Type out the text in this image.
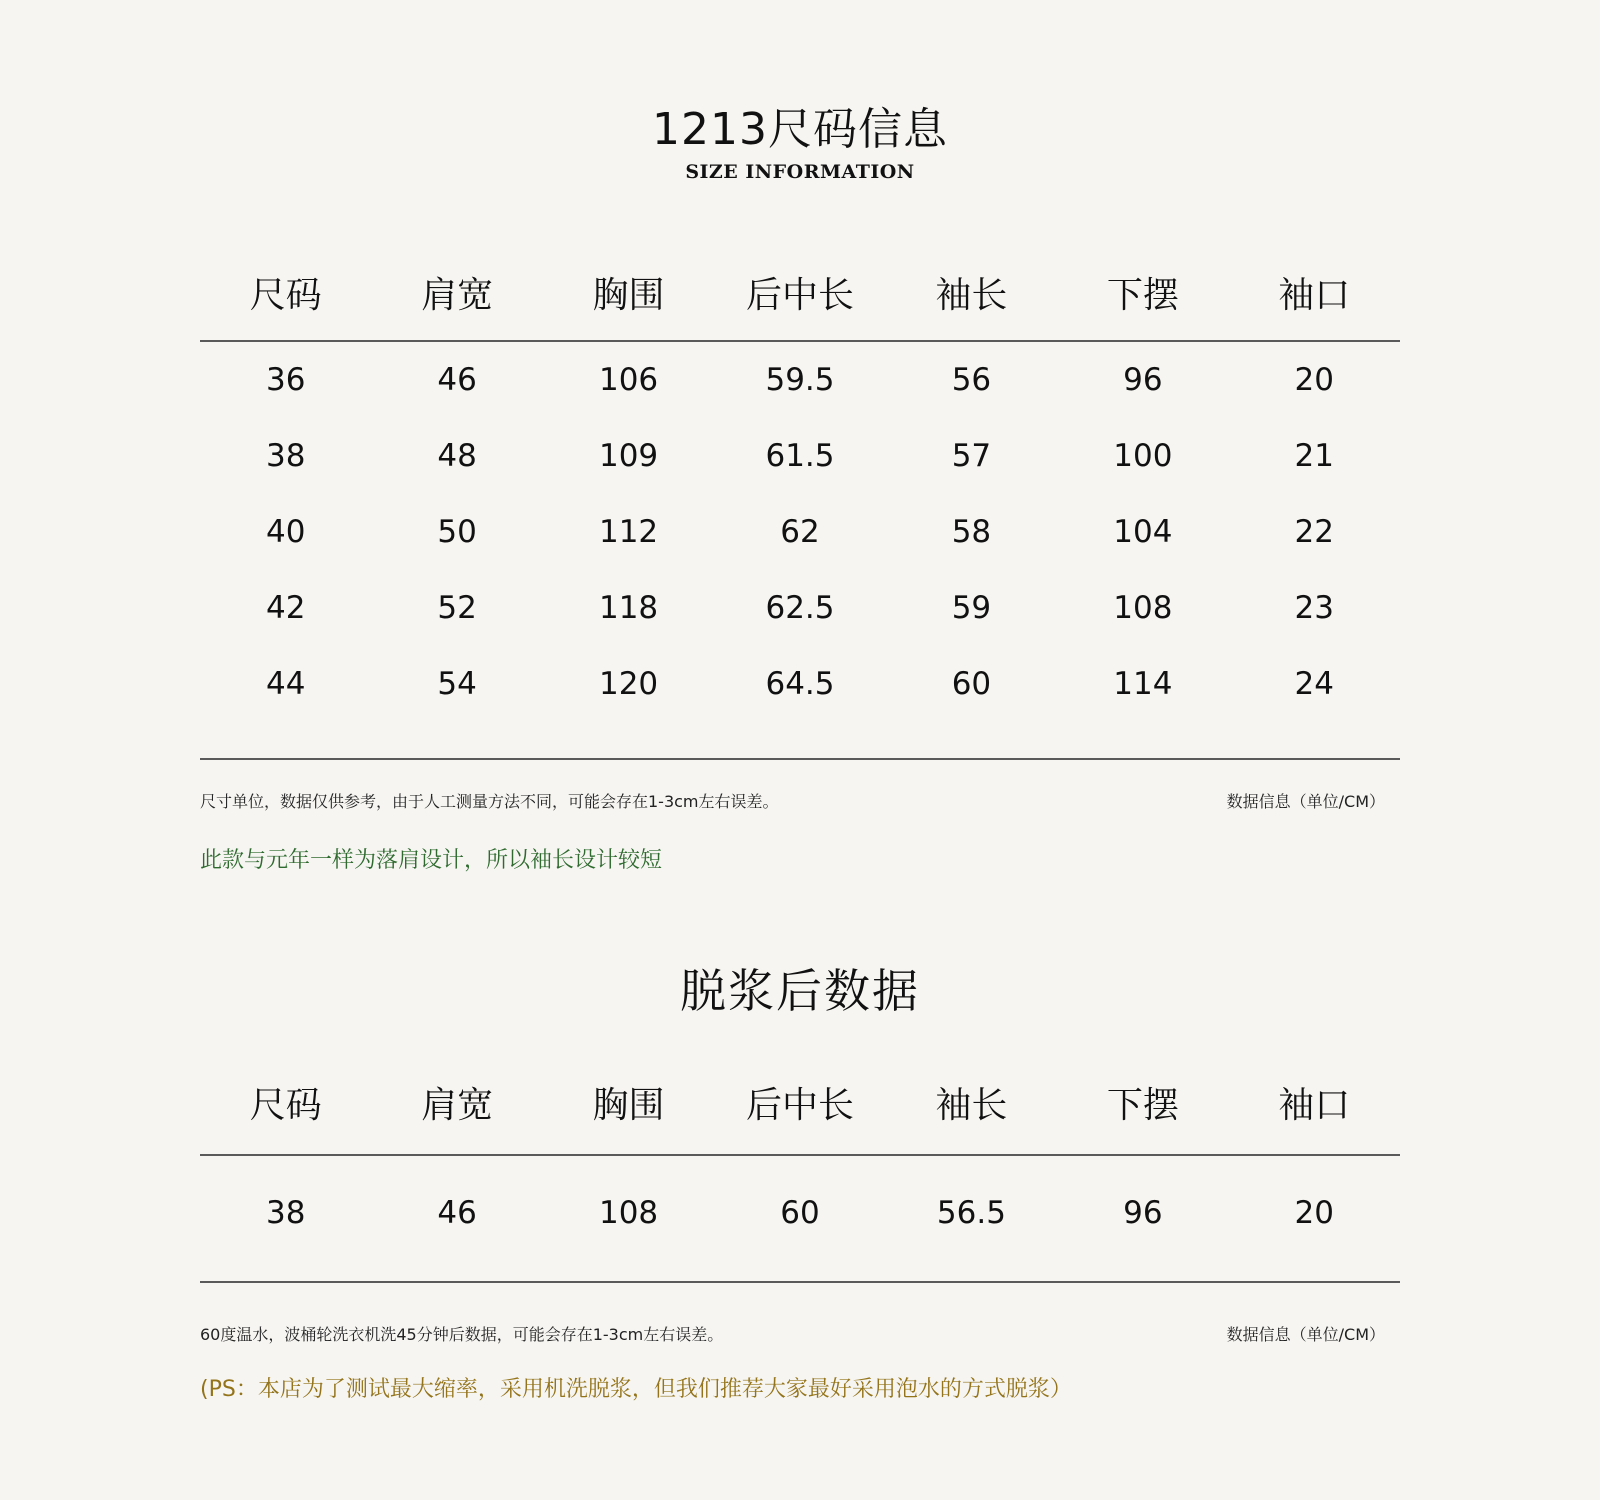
1213尺码信息
SIZE INFORMATION
尺码	肩宽	胸围	后中长	袖长	下摆	袖口
36	46	106	59.5	56	96	20
38	48	109	61.5	57	100	21
40	50	112	62	58	104	22
42	52	118	62.5	59	108	23
44	54	120	64.5	60	114	24
尺寸单位，数据仅供参考，由于人工测量方法不同，可能会存在1-3cm左右误差。	数据信息（单位/CM）
此款与元年一样为落肩设计，所以袖长设计较短
脱浆后数据
尺码	肩宽	胸围	后中长	袖长	下摆	袖口
38	46	108	60	56.5	96	20
60度温水，波桶轮洗衣机洗45分钟后数据，可能会存在1-3cm左右误差。	数据信息（单位/CM）
(PS：本店为了测试最大缩率，采用机洗脱浆，但我们推荐大家最好采用泡水的方式脱浆）
